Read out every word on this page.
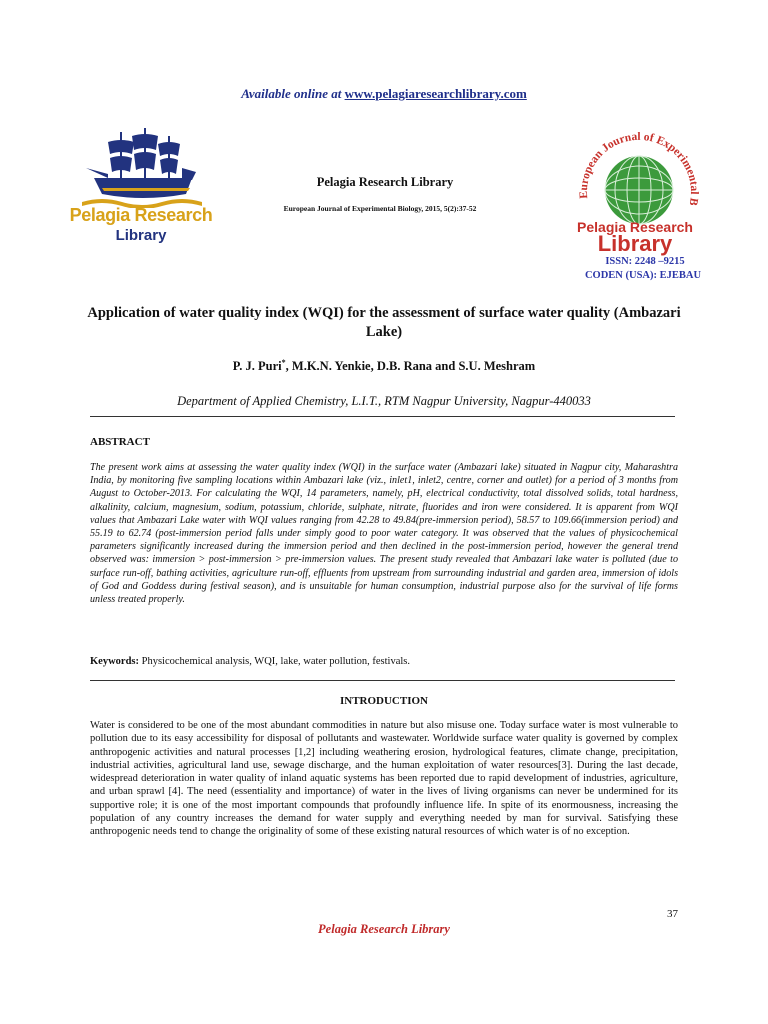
Available online at www.pelagiaresearchlibrary.com
Pelagia Research
Library
Pelagia Research Library
European Journal of Experimental Biology, 2015, 5(2):37-52
European Journal of Experimental B
Pelagia Research
Library
ISSN: 2248 –9215
CODEN (USA): EJEBAU
Application of water quality index (WQI) for the assessment of surface water quality (Ambazari Lake)
P. J. Puri*, M.K.N. Yenkie, D.B. Rana and S.U. Meshram
Department of Applied Chemistry, L.I.T., RTM Nagpur University, Nagpur-440033
ABSTRACT
The present work aims at assessing the water quality index (WQI) in the surface water (Ambazari lake) situated in Nagpur city, Maharashtra India, by monitoring five sampling locations within Ambazari lake (viz., inlet1, inlet2, centre, corner and outlet) for a period of 3 months from August to October-2013. For calculating the WQI, 14 parameters, namely, pH, electrical conductivity, total dissolved solids, total hardness, alkalinity, calcium, magnesium, sodium, potassium, chloride, sulphate, nitrate, fluorides and iron were considered. It is apparent from WQI values that Ambazari Lake water with WQI values ranging from 42.28 to 49.84(pre-immersion period), 58.57 to 109.66(immersion period) and 55.19 to 62.74 (post-immersion period falls under simply good to poor water category. It was observed that the values of physicochemical parameters significantly increased during the immersion period and then declined in the post-immersion period, however the general trend observed was: immersion > post-immersion > pre-immersion values. The present study revealed that Ambazari lake water is polluted (due to surface run-off, bathing activities, agriculture run-off, effluents from upstream from surrounding industrial and garden area, immersion of idols of God and Goddess during festival season), and is unsuitable for human consumption, industrial purpose also for the survival of life forms unless treated properly.
Keywords: Physicochemical analysis, WQI, lake, water pollution, festivals.
INTRODUCTION
Water is considered to be one of the most abundant commodities in nature but also misuse one. Today surface water is most vulnerable to pollution due to its easy accessibility for disposal of pollutants and wastewater. Worldwide surface water quality is governed by complex anthropogenic activities and natural processes [1,2] including weathering erosion, hydrological features, climate change, precipitation, industrial activities, agricultural land use, sewage discharge, and the human exploitation of water resources[3]. During the last decade, widespread deterioration in water quality of inland aquatic systems has been reported due to rapid development of industries, agriculture, and urban sprawl [4]. The need (essentiality and importance) of water in the lives of living organisms can never be undermined for its supportive role; it is one of the most important compounds that profoundly influence life. In spite of its enormousness, increasing the population of any country increases the demand for water supply and everything needed by man for survival. Satisfying these anthropogenic needs tend to change the originality of some of these existing natural resources of which water is of no exception.
37
Pelagia Research Library
